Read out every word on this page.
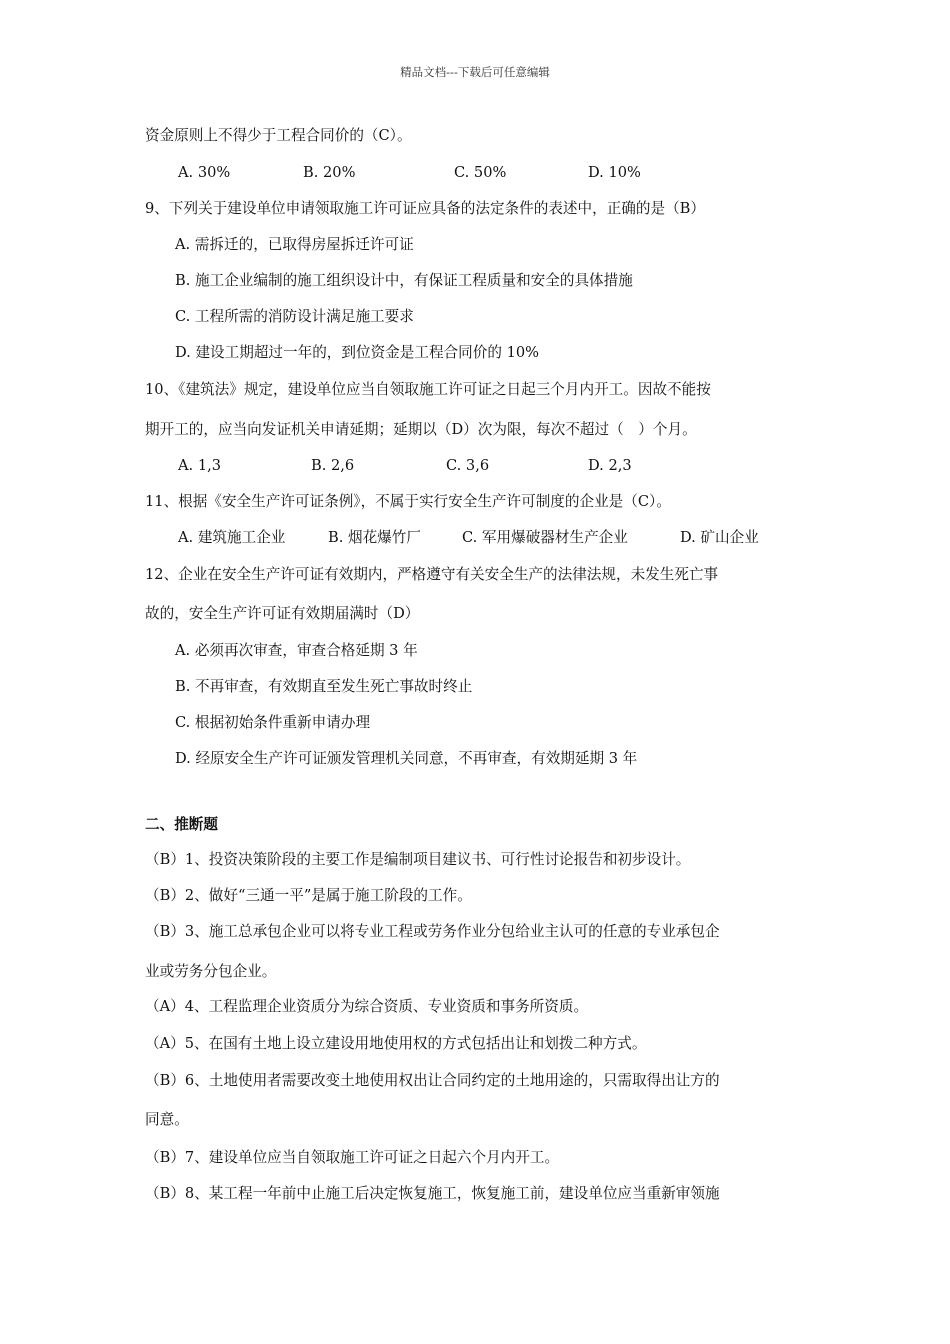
精品文档---下载后可任意编辑
资金原则上不得少于工程合同价的（C）。
A. 30%	B. 20%	C. 50%	D. 10%
9、下列关于建设单位申请领取施工许可证应具备的法定条件的表述中，正确的是（B）
A. 需拆迁的，已取得房屋拆迁许可证
B. 施工企业编制的施工组织设计中，有保证工程质量和安全的具体措施
C. 工程所需的消防设计满足施工要求
D. 建设工期超过一年的，到位资金是工程合同价的 10%
10、《建筑法》规定，建设单位应当自领取施工许可证之日起三个月内开工。因故不能按
期开工的，应当向发证机关申请延期；延期以（D）次为限，每次不超过（　）个月。
A. 1,3	B. 2,6	C. 3,6	D. 2,3
11、根据《安全生产许可证条例》，不属于实行安全生产许可制度的企业是（C）。
A. 建筑施工企业	B. 烟花爆竹厂	C. 军用爆破器材生产企业	D. 矿山企业
12、企业在安全生产许可证有效期内，严格遵守有关安全生产的法律法规，未发生死亡事
故的，安全生产许可证有效期届满时（D）
A. 必须再次审查，审查合格延期 3 年
B. 不再审查，有效期直至发生死亡事故时终止
C. 根据初始条件重新申请办理
D. 经原安全生产许可证颁发管理机关同意，不再审查，有效期延期 3 年
二、推断题
（B）1、投资决策阶段的主要工作是编制项目建议书、可行性讨论报告和初步设计。
（B）2、做好“三通一平”是属于施工阶段的工作。
（B）3、施工总承包企业可以将专业工程或劳务作业分包给业主认可的任意的专业承包企
业或劳务分包企业。
（A）4、工程监理企业资质分为综合资质、专业资质和事务所资质。
（A）5、在国有土地上设立建设用地使用权的方式包括出让和划拨二种方式。
（B）6、土地使用者需要改变土地使用权出让合同约定的土地用途的，只需取得出让方的
同意。
（B）7、建设单位应当自领取施工许可证之日起六个月内开工。
（B）8、某工程一年前中止施工后决定恢复施工，恢复施工前，建设单位应当重新审领施
